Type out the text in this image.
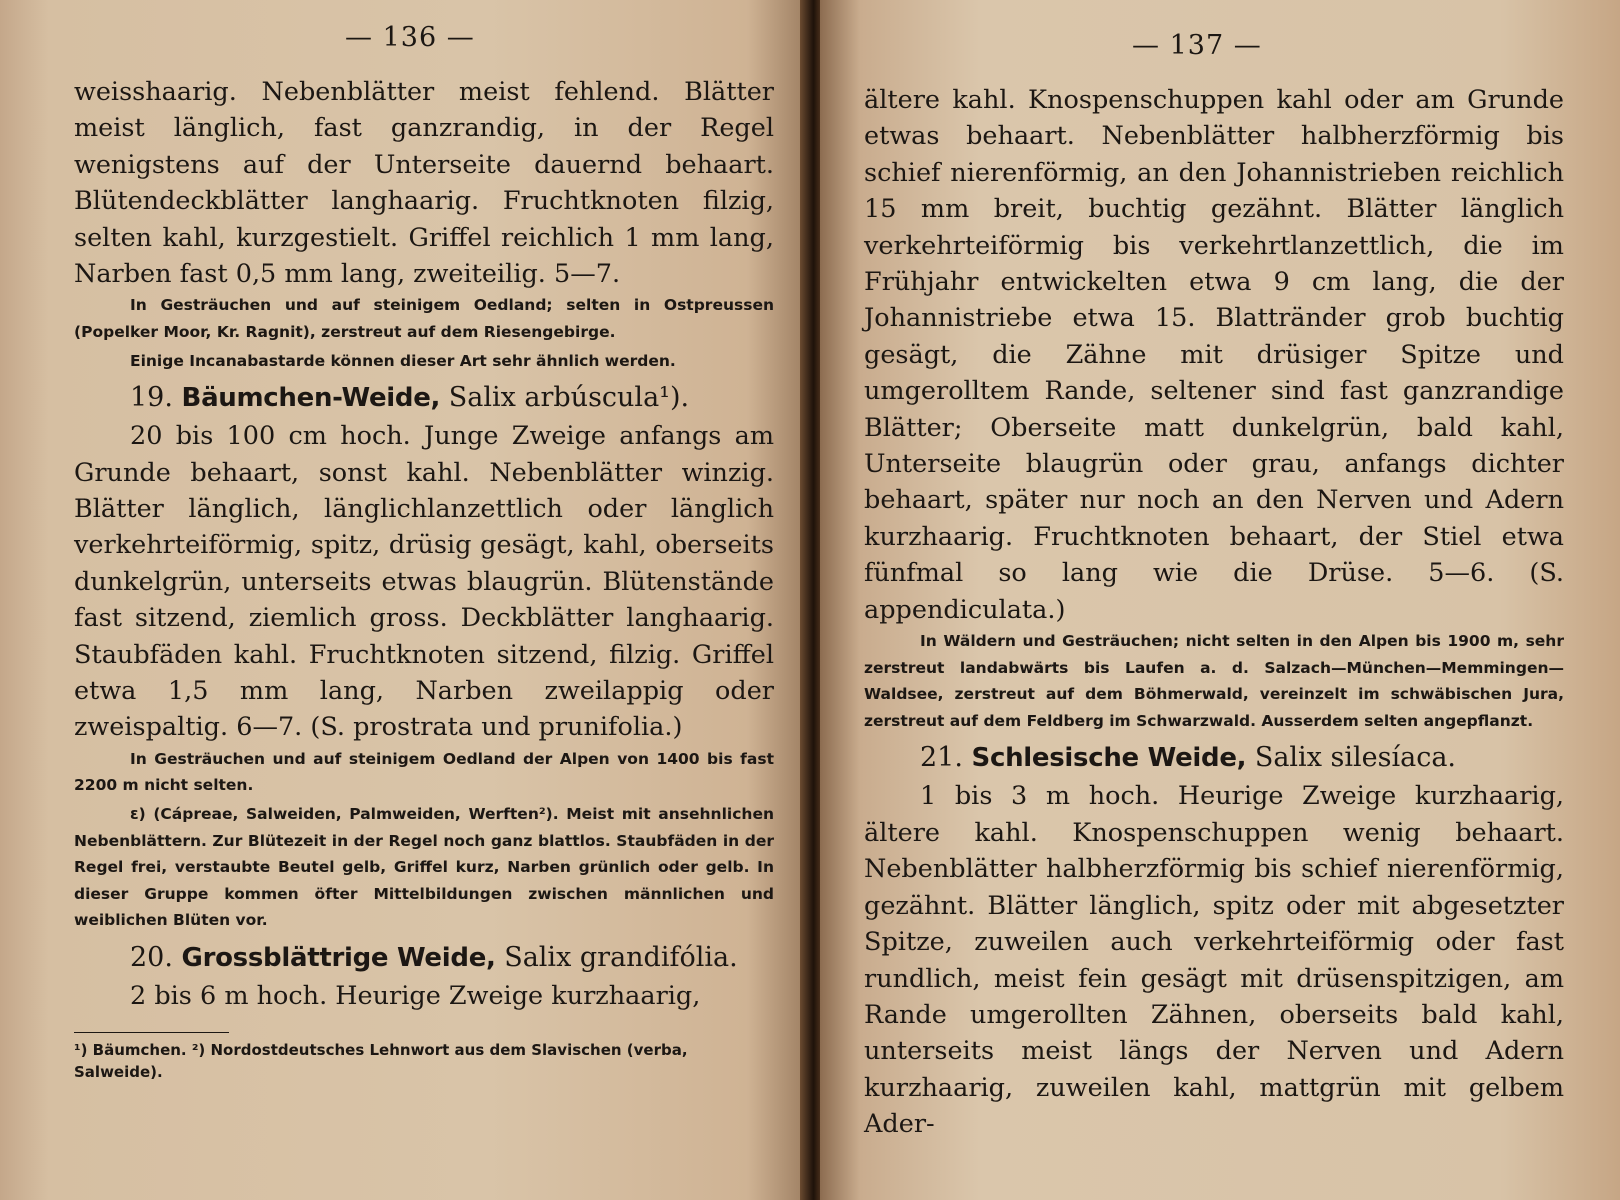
— 136 —

weisshaarig. Nebenblätter meist fehlend. Blätter meist länglich, fast ganzrandig, in der Regel wenigstens auf der Unterseite dauernd behaart. Blütendeckblätter langhaarig. Fruchtknoten filzig, selten kahl, kurzgestielt. Griffel reichlich 1 mm lang, Narben fast 0,5 mm lang, zweiteilig. 5—7.

In Gesträuchen und auf steinigem Oedland; selten in Ostpreussen (Popelker Moor, Kr. Ragnit), zerstreut auf dem Riesengebirge.

Einige Incanabastarde können dieser Art sehr ähnlich werden.

19. Bäumchen-Weide, Salix arbúscula¹).

20 bis 100 cm hoch. Junge Zweige anfangs am Grunde behaart, sonst kahl. Nebenblätter winzig. Blätter länglich, länglichlanzettlich oder länglich verkehrteiförmig, spitz, drüsig gesägt, kahl, oberseits dunkelgrün, unterseits etwas blaugrün. Blütenstände fast sitzend, ziemlich gross. Deckblätter langhaarig. Staubfäden kahl. Fruchtknoten sitzend, filzig. Griffel etwa 1,5 mm lang, Narben zweilappig oder zweispaltig. 6—7. (S. prostrata und prunifolia.)

In Gesträuchen und auf steinigem Oedland der Alpen von 1400 bis fast 2200 m nicht selten.

ε) (Cápreae, Salweiden, Palmweiden, Werften²). Meist mit ansehnlichen Nebenblättern. Zur Blütezeit in der Regel noch ganz blattlos. Staubfäden in der Regel frei, verstaubte Beutel gelb, Griffel kurz, Narben grünlich oder gelb. In dieser Gruppe kommen öfter Mittelbildungen zwischen männlichen und weiblichen Blüten vor.

20. Grossblättrige Weide, Salix grandifólia.

2 bis 6 m hoch. Heurige Zweige kurzhaarig,

¹) Bäumchen. ²) Nordostdeutsches Lehnwort aus dem Slavischen (verba, Salweide).

— 137 —

ältere kahl. Knospenschuppen kahl oder am Grunde etwas behaart. Nebenblätter halbherzförmig bis schief nierenförmig, an den Johannistrieben reichlich 15 mm breit, buchtig gezähnt. Blätter länglich verkehrteiförmig bis verkehrtlanzettlich, die im Frühjahr entwickelten etwa 9 cm lang, die der Johannistriebe etwa 15. Blattränder grob buchtig gesägt, die Zähne mit drüsiger Spitze und umgerolltem Rande, seltener sind fast ganzrandige Blätter; Oberseite matt dunkelgrün, bald kahl, Unterseite blaugrün oder grau, anfangs dichter behaart, später nur noch an den Nerven und Adern kurzhaarig. Fruchtknoten behaart, der Stiel etwa fünfmal so lang wie die Drüse. 5—6. (S. appendiculata.)

In Wäldern und Gesträuchen; nicht selten in den Alpen bis 1900 m, sehr zerstreut landabwärts bis Laufen a. d. Salzach—München—Memmingen—Waldsee, zerstreut auf dem Böhmerwald, vereinzelt im schwäbischen Jura, zerstreut auf dem Feldberg im Schwarzwald. Ausserdem selten angepflanzt.

21. Schlesische Weide, Salix silesíaca.

1 bis 3 m hoch. Heurige Zweige kurzhaarig, ältere kahl. Knospenschuppen wenig behaart. Nebenblätter halbherzförmig bis schief nierenförmig, gezähnt. Blätter länglich, spitz oder mit abgesetzter Spitze, zuweilen auch verkehrteiförmig oder fast rundlich, meist fein gesägt mit drüsenspitzigen, am Rande umgerollten Zähnen, oberseits bald kahl, unterseits meist längs der Nerven und Adern kurzhaarig, zuweilen kahl, mattgrün mit gelbem Ader-
